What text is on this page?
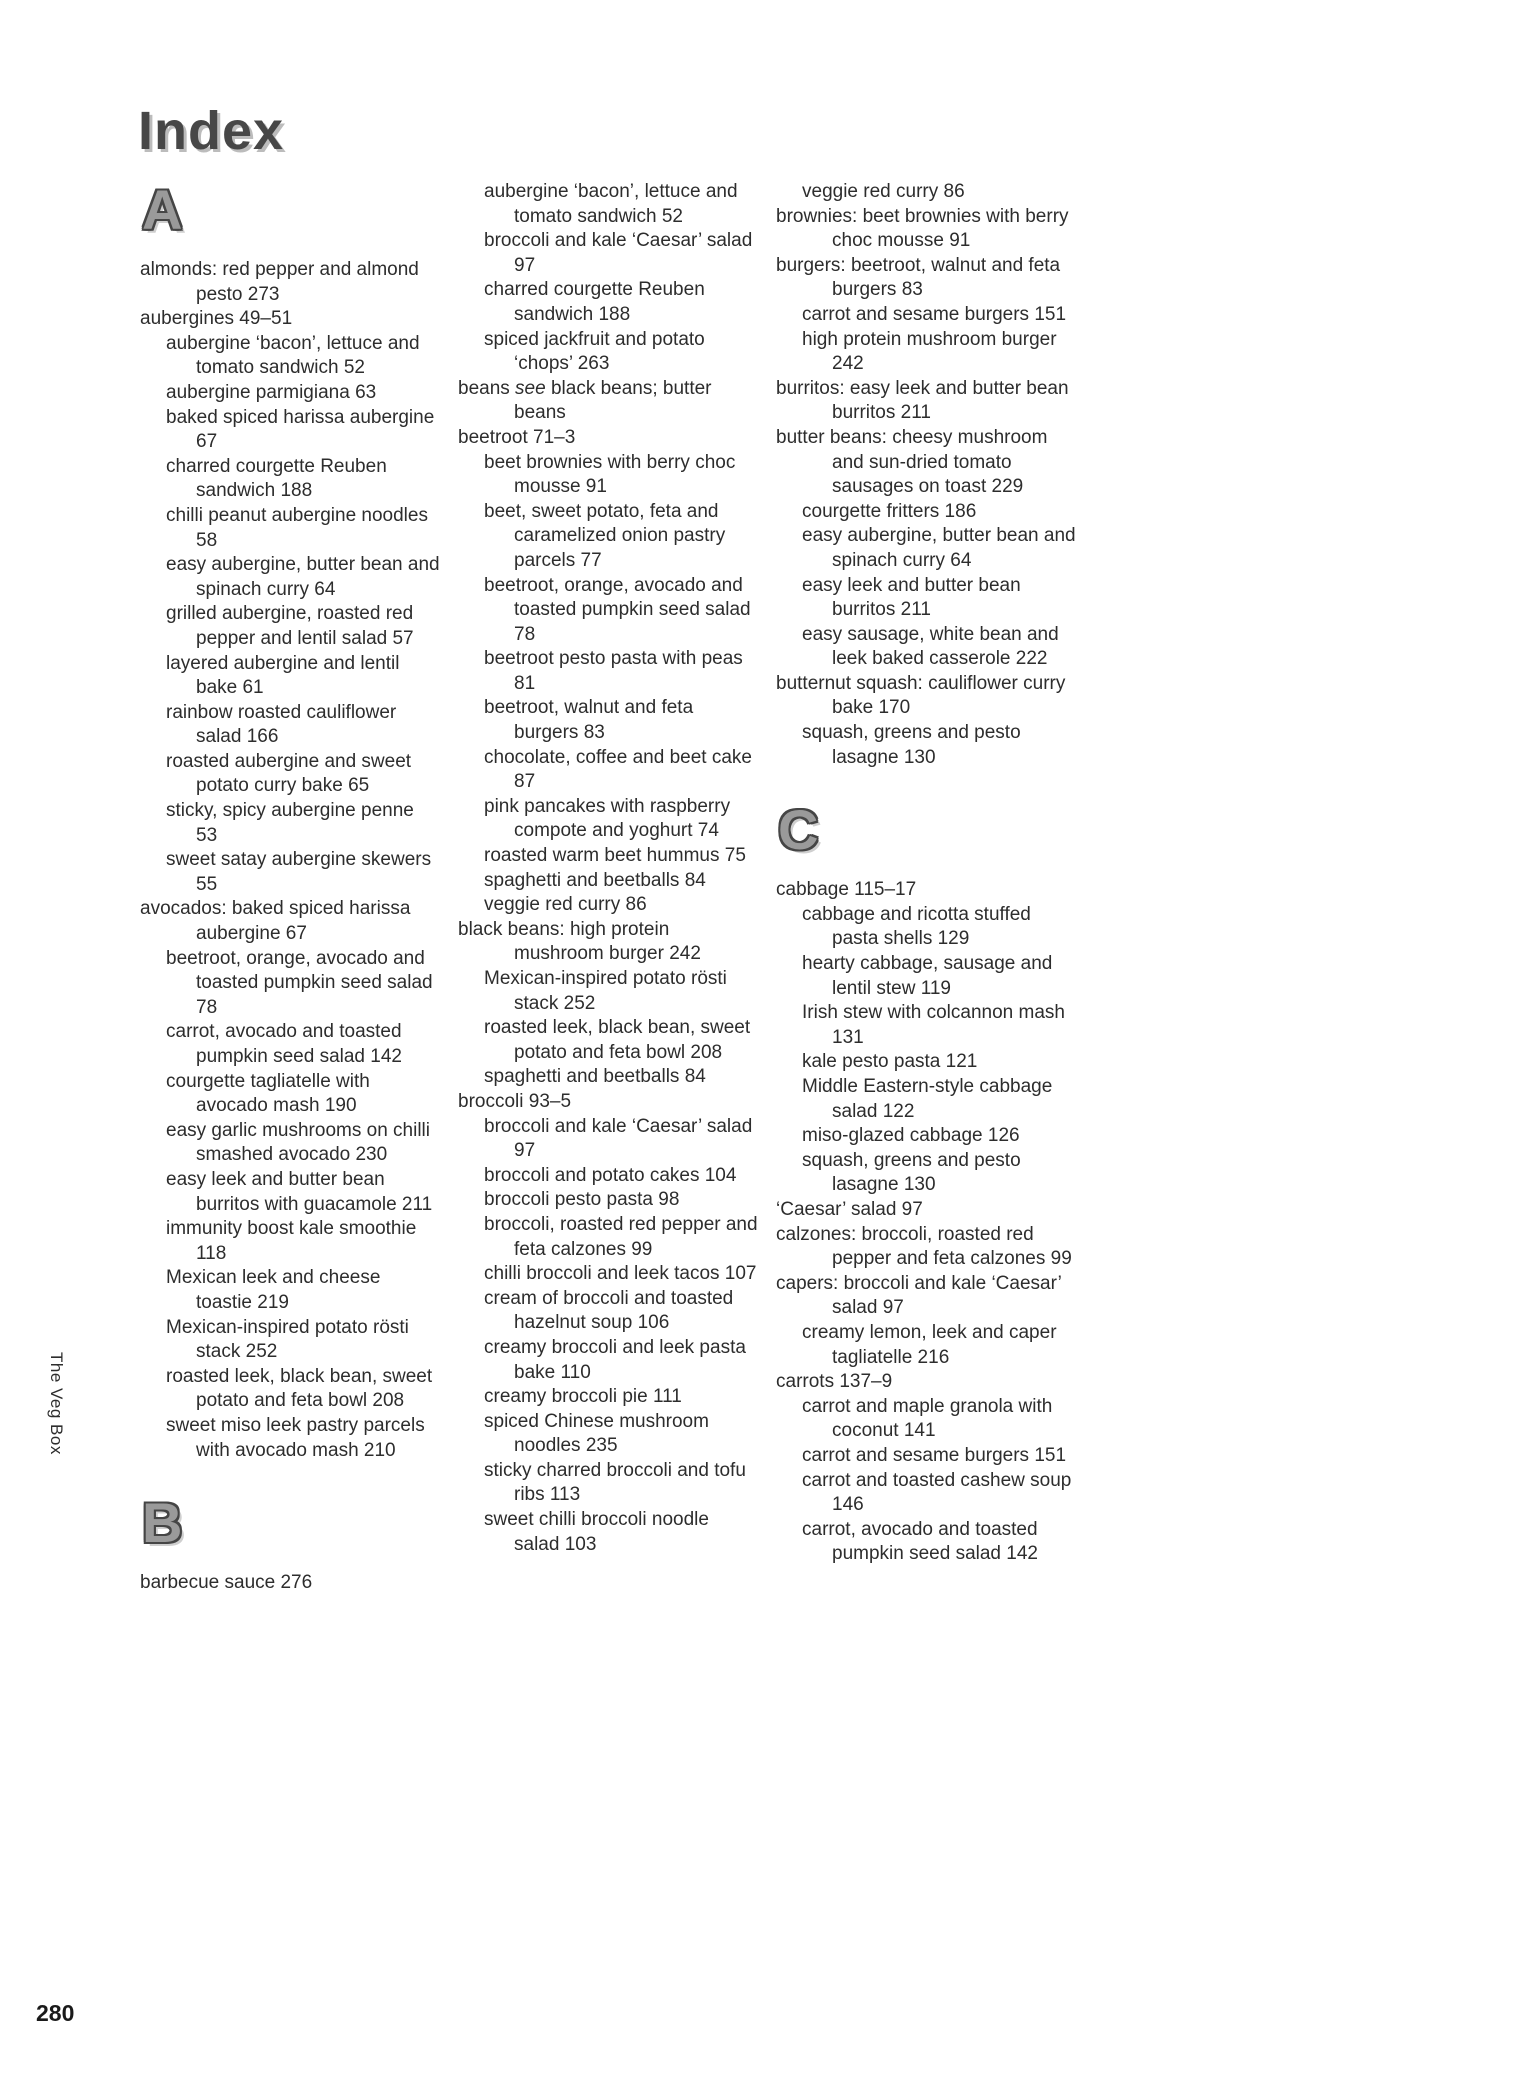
Index
A

almonds: red pepper and almond pesto 273

aubergines 49–51

aubergine ‘bacon’, lettuce and tomato sandwich 52

aubergine parmigiana 63

baked spiced harissa aubergine 67

charred courgette Reuben sandwich 188

chilli peanut aubergine noodles 58

easy aubergine, butter bean and spinach curry 64

grilled aubergine, roasted red pepper and lentil salad 57

layered aubergine and lentil bake 61

rainbow roasted cauliflower salad 166

roasted aubergine and sweet potato curry bake 65

sticky, spicy aubergine penne 53

sweet satay aubergine skewers 55

avocados: baked spiced harissa aubergine 67

beetroot, orange, avocado and toasted pumpkin seed salad 78

carrot, avocado and toasted pumpkin seed salad 142

courgette tagliatelle with avocado mash 190

easy garlic mushrooms on chilli smashed avocado 230

easy leek and butter bean burritos with guacamole 211

immunity boost kale smoothie 118

Mexican leek and cheese toastie 219

Mexican-inspired potato rösti stack 252

roasted leek, black bean, sweet potato and feta bowl 208

sweet miso leek pastry parcels with avocado mash 210

B

barbecue sauce 276

aubergine ‘bacon’, lettuce and tomato sandwich 52

broccoli and kale ‘Caesar’ salad 97

charred courgette Reuben sandwich 188

spiced jackfruit and potato ‘chops’ 263

beans see black beans; butter beans

beetroot 71–3

beet brownies with berry choc mousse 91

beet, sweet potato, feta and caramelized onion pastry parcels 77

beetroot, orange, avocado and toasted pumpkin seed salad 78

beetroot pesto pasta with peas 81

beetroot, walnut and feta burgers 83

chocolate, coffee and beet cake 87

pink pancakes with raspberry compote and yoghurt 74

roasted warm beet hummus 75

spaghetti and beetballs 84

veggie red curry 86

black beans: high protein mushroom burger 242

Mexican-inspired potato rösti stack 252

roasted leek, black bean, sweet potato and feta bowl 208

spaghetti and beetballs 84

broccoli 93–5

broccoli and kale ‘Caesar’ salad 97

broccoli and potato cakes 104

broccoli pesto pasta 98

broccoli, roasted red pepper and feta calzones 99

chilli broccoli and leek tacos 107

cream of broccoli and toasted hazelnut soup 106

creamy broccoli and leek pasta bake 110

creamy broccoli pie 111

spiced Chinese mushroom noodles 235

sticky charred broccoli and tofu ribs 113

sweet chilli broccoli noodle salad 103

veggie red curry 86

brownies: beet brownies with berry choc mousse 91

burgers: beetroot, walnut and feta burgers 83

carrot and sesame burgers 151

high protein mushroom burger 242

burritos: easy leek and butter bean burritos 211

butter beans: cheesy mushroom and sun-dried tomato sausages on toast 229

courgette fritters 186

easy aubergine, butter bean and spinach curry 64

easy leek and butter bean burritos 211

easy sausage, white bean and leek baked casserole 222

butternut squash: cauliflower curry bake 170

squash, greens and pesto lasagne 130

C

cabbage 115–17

cabbage and ricotta stuffed pasta shells 129

hearty cabbage, sausage and lentil stew 119

Irish stew with colcannon mash 131

kale pesto pasta 121

Middle Eastern-style cabbage salad 122

miso-glazed cabbage 126

squash, greens and pesto lasagne 130

‘Caesar’ salad 97

calzones: broccoli, roasted red pepper and feta calzones 99

capers: broccoli and kale ‘Caesar’ salad 97

creamy lemon, leek and caper tagliatelle 216

carrots 137–9

carrot and maple granola with coconut 141

carrot and sesame burgers 151

carrot and toasted cashew soup 146

carrot, avocado and toasted pumpkin seed salad 142

The Veg Box
280
